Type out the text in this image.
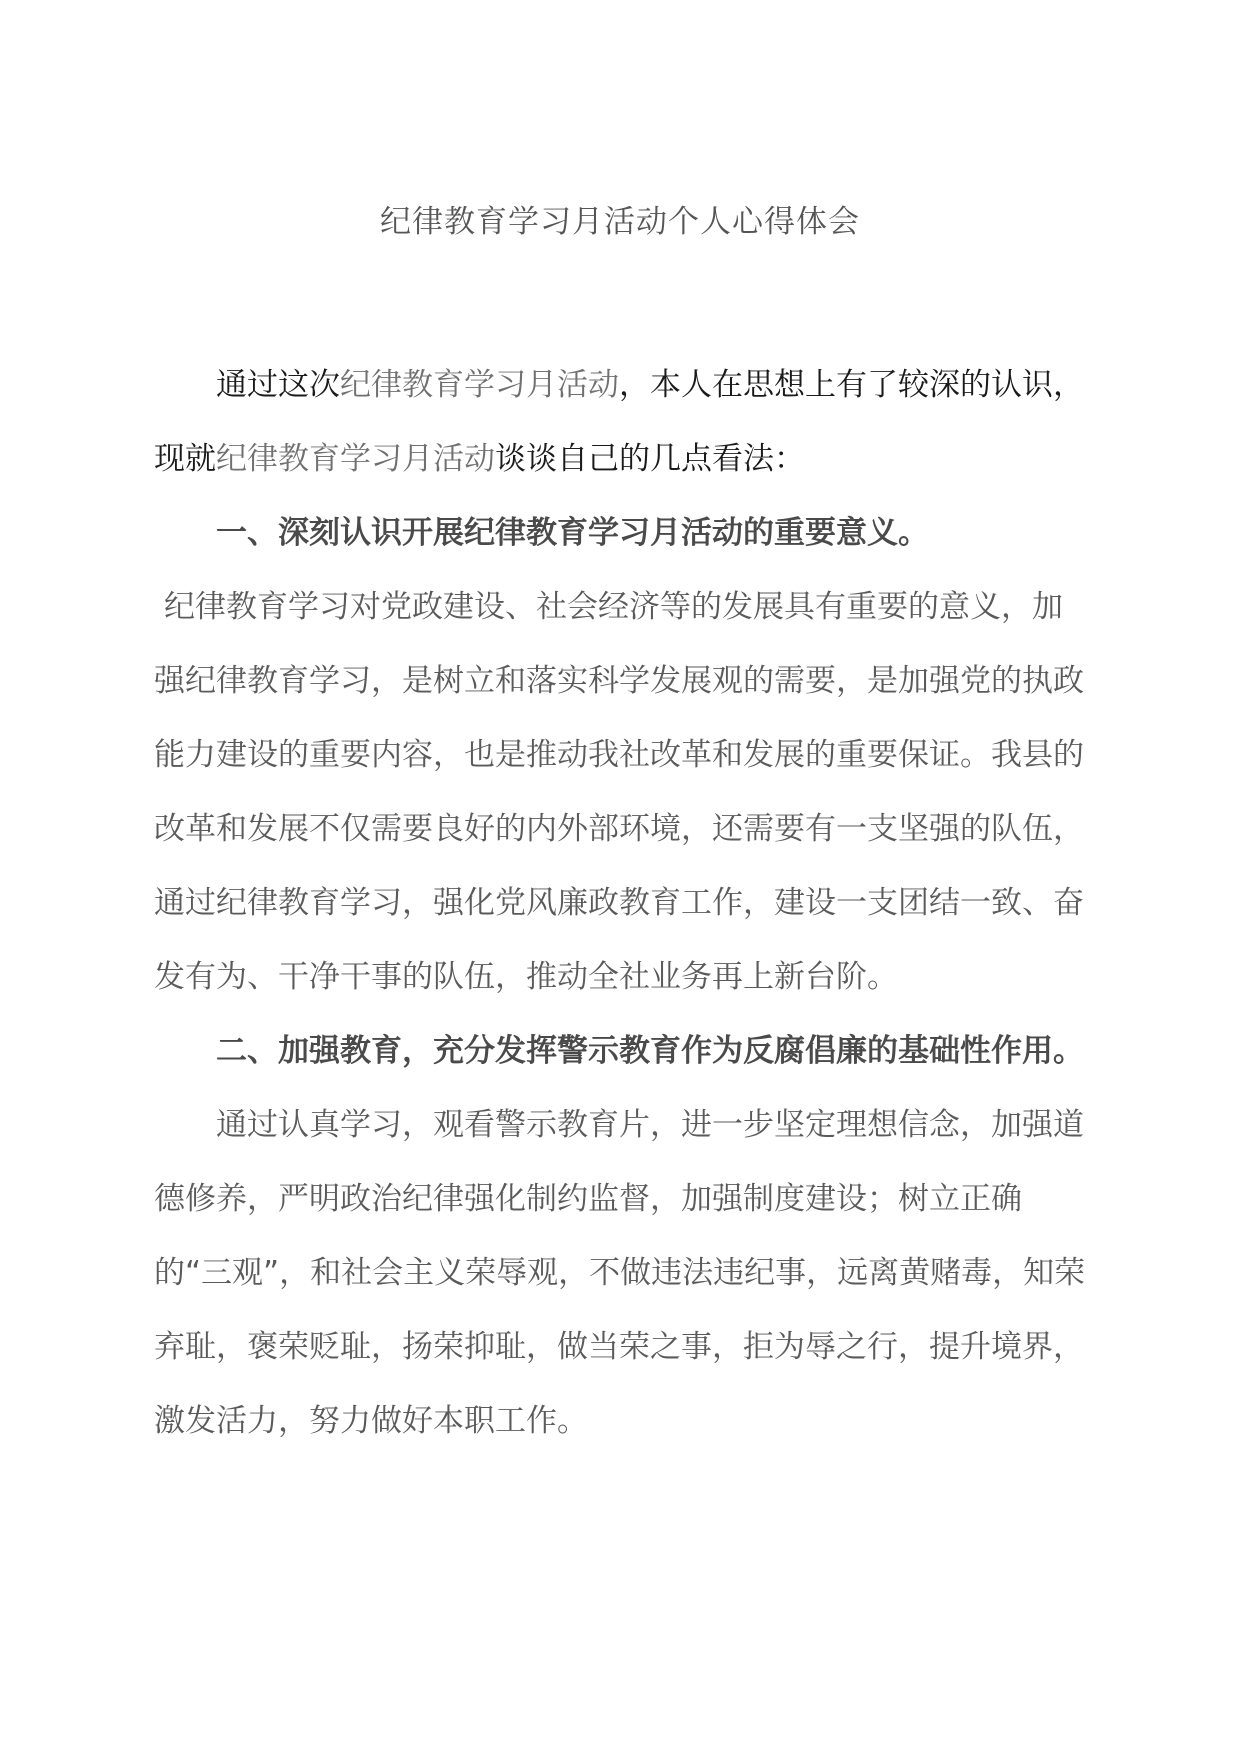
纪律教育学习月活动个人心得体会

通过这次纪律教育学习月活动，本人在思想上有了较深的认识，现就纪律教育学习月活动谈谈自己的几点看法：

一、深刻认识开展纪律教育学习月活动的重要意义。

纪律教育学习对党政建设、社会经济等的发展具有重要的意义，加强纪律教育学习，是树立和落实科学发展观的需要，是加强党的执政能力建设的重要内容，也是推动我社改革和发展的重要保证。我县的改革和发展不仅需要良好的内外部环境，还需要有一支坚强的队伍，通过纪律教育学习，强化党风廉政教育工作，建设一支团结一致、奋发有为、干净干事的队伍，推动全社业务再上新台阶。

二、加强教育，充分发挥警示教育作为反腐倡廉的基础性作用。

通过认真学习，观看警示教育片，进一步坚定理想信念，加强道德修养，严明政治纪律强化制约监督，加强制度建设；树立正确的“三观”，和社会主义荣辱观，不做违法违纪事，远离黄赌毒，知荣弃耻，褒荣贬耻，扬荣抑耻，做当荣之事，拒为辱之行，提升境界，激发活力，努力做好本职工作。
